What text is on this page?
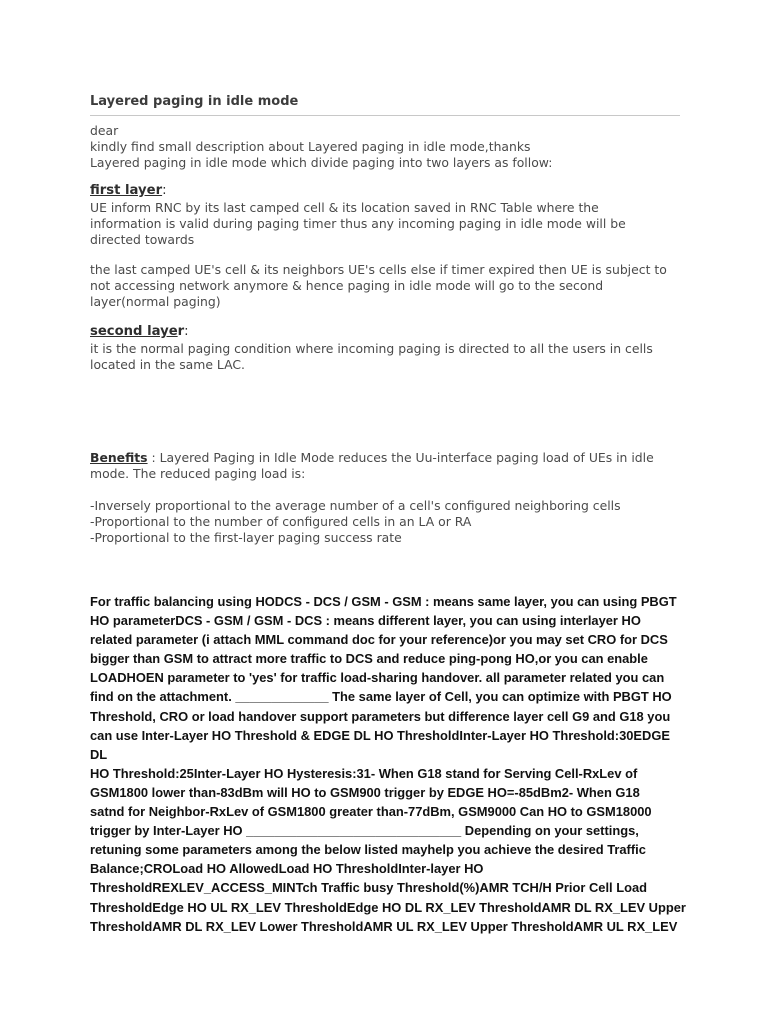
Layered paging in idle mode

dear

kindly find small description about Layered paging in idle mode,thanks

Layered paging in idle mode which divide paging into two layers as follow:

first layer:

UE inform RNC by its last camped cell & its location saved in RNC Table where the

information is valid during paging timer thus any incoming paging in idle mode will be

directed towards

the last camped UE's cell & its neighbors UE's cells else if timer expired then UE is subject to

not accessing network anymore & hence paging in idle mode will go to the second

layer(normal paging)

second layer:

it is the normal paging condition where incoming paging is directed to all the users in cells

located in the same LAC.

Benefits : Layered Paging in Idle Mode reduces the Uu-interface paging load of UEs in idle

mode. The reduced paging load is:

-Inversely proportional to the average number of a cell's configured neighboring cells

-Proportional to the number of configured cells in an LA or RA

-Proportional to the first-layer paging success rate

For traffic balancing using HODCS - DCS / GSM - GSM : means same layer, you can using PBGT

HO parameterDCS - GSM / GSM - DCS : means different layer, you can using interlayer HO

related parameter (i attach MML command doc for your reference)or you may set CRO for DCS

bigger than GSM to attract more traffic to DCS and reduce ping-pong HO,or you can enable

LOADHOEN parameter to 'yes' for traffic load-sharing handover. all parameter related you can

find on the attachment. _____________ The same layer of Cell, you can optimize with PBGT HO

Threshold, CRO or load handover support parameters but difference layer cell G9 and G18 you

can use Inter-Layer HO Threshold & EDGE DL HO ThresholdInter-Layer HO Threshold:30EDGE DL

HO Threshold:25Inter-Layer HO Hysteresis:31- When G18 stand for Serving Cell-RxLev of

GSM1800 lower than-83dBm will HO to GSM900 trigger by EDGE HO=-85dBm2- When G18

satnd for Neighbor-RxLev of GSM1800 greater than-77dBm, GSM9000 Can HO to GSM18000

trigger by Inter-Layer HO ______________________________ Depending on your settings,

retuning some parameters among the below listed mayhelp you achieve the desired Traffic

Balance;CROLoad HO AllowedLoad HO ThresholdInter-layer HO

ThresholdREXLEV_ACCESS_MINTch Traffic busy Threshold(%)AMR TCH/H Prior Cell Load

ThresholdEdge HO UL RX_LEV ThresholdEdge HO DL RX_LEV ThresholdAMR DL RX_LEV Upper

ThresholdAMR DL RX_LEV Lower ThresholdAMR UL RX_LEV Upper ThresholdAMR UL RX_LEV
